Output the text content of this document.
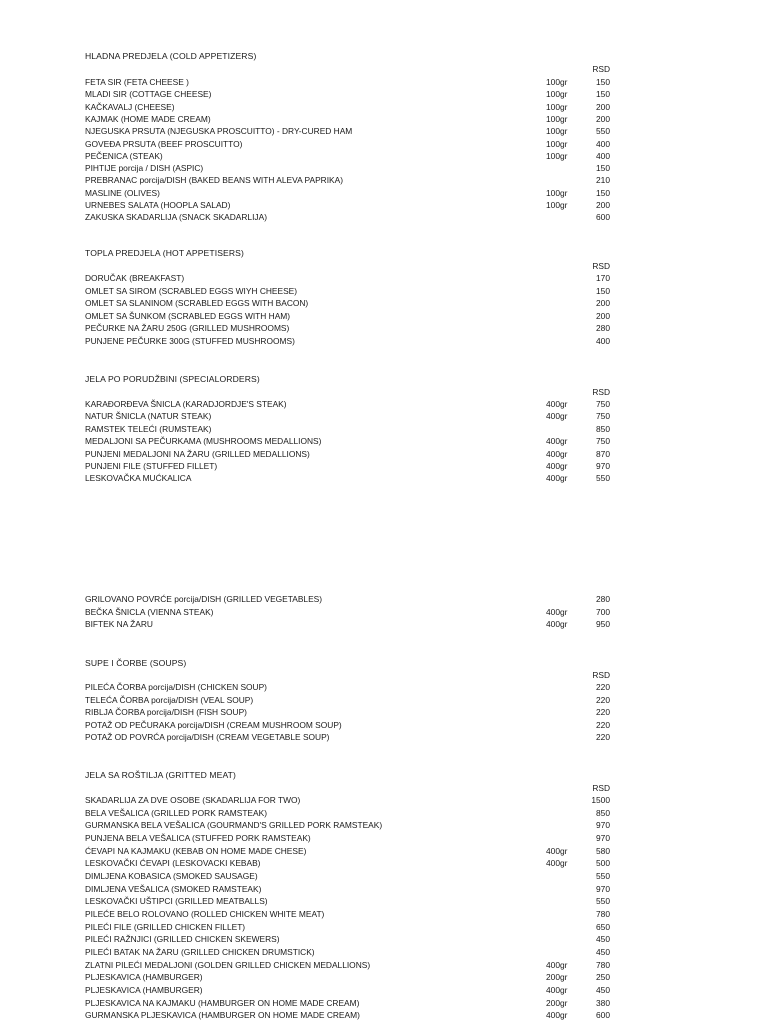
HLADNA PREDJELA (COLD APPETIZERS)
RSD
FETA SIR (FETA CHEESE )	100gr	150
MLADI SIR (COTTAGE CHEESE)	100gr	150
KAČKAVALJ (CHEESE)	100gr	200
KAJMAK (HOME MADE CREAM)	100gr	200
NJEGUSKA PRSUTA (NJEGUSKA PROSCUITTO) - DRY-CURED HAM	100gr	550
GOVEĐA PRSUTA (BEEF PROSCUITTO)	100gr	400
PEČENICA (STEAK)	100gr	400
PIHTIJE porcija / DISH (ASPIC)	150
PREBRANAC porcija/DISH (BAKED BEANS WITH ALEVA PAPRIKA)	210
MASLINE (OLIVES)	100gr	150
URNEBES SALATA (HOOPLA SALAD)	100gr	200
ZAKUSKA SKADARLIJA (SNACK SKADARLIJA)	600
TOPLA PREDJELA (HOT APPETISERS)
RSD
DORUČAK (BREAKFAST)	170
OMLET SA SIROM (SCRABLED EGGS WIYH CHEESE)	150
OMLET SA SLANINOM (SCRABLED EGGS WITH BACON)	200
OMLET SA ŠUNKOM (SCRABLED EGGS WITH HAM)	200
PEČURKE NA ŽARU 250G (GRILLED MUSHROOMS)	280
PUNJENE PEČURKE 300G (STUFFED MUSHROOMS)	400
JELA PO PORUDŽBINI (SPECIALORDERS)
RSD
KARAĐORĐEVA ŠNICLA (KARADJORDJE'S STEAK)	400gr	750
NATUR ŠNICLA (NATUR STEAK)	400gr	750
RAMSTEK TELEĆI (RUMSTEAK)	850
MEDALJONI SA PEČURKAMA (MUSHROOMS MEDALLIONS)	400gr	750
PUNJENI MEDALJONI NA ŽARU (GRILLED MEDALLIONS)	400gr	870
PUNJENI FILE (STUFFED FILLET)	400gr	970
LESKOVAČKA MUĆKALICA	400gr	550
GRILOVANO POVRĆE porcija/DISH (GRILLED VEGETABLES)	280
BEČKA ŠNICLA (VIENNA STEAK)	400gr	700
BIFTEK NA ŽARU	400gr	950
SUPE I ČORBE (SOUPS)
RSD
PILEĆA ČORBA porcija/DISH (CHICKEN SOUP)	220
TELEĆA ČORBA porcija/DISH (VEAL SOUP)	220
RIBLJA ČORBA porcija/DISH (FISH SOUP)	220
POTAŽ OD PEČURAKA porcija/DISH (CREAM MUSHROOM SOUP)	220
POTAŽ OD POVRĆA porcija/DISH (CREAM VEGETABLE SOUP)	220
JELA SA ROŠTILJA (GRITTED MEAT)
RSD
SKADARLIJA ZA DVE OSOBE (SKADARLIJA FOR TWO)	1500
BELA VEŠALICA (GRILLED PORK RAMSTEAK)	850
GURMANSKA BELA VEŠALICA (GOURMAND'S GRILLED PORK RAMSTEAK)	970
PUNJENA BELA VEŠALICA (STUFFED PORK RAMSTEAK)	970
ĆEVAPI NA KAJMAKU (KEBAB ON HOME MADE CHESE)	400gr	580
LESKOVAČKI ĆEVAPI (LESKOVACKI KEBAB)	400gr	500
DIMLJENA KOBASICA (SMOKED SAUSAGE)	550
DIMLJENA VEŠALICA (SMOKED RAMSTEAK)	970
LESKOVAČKI UŠTIPCI (GRILLED MEATBALLS)	550
PILEĆE BELO ROLOVANO (ROLLED CHICKEN WHITE MEAT)	780
PILEĆI FILE (GRILLED CHICKEN FILLET)	650
PILEĆI RAŽNJICI (GRILLED CHICKEN SKEWERS)	450
PILEĆI BATAK NA ŽARU (GRILLED CHICKEN DRUMSTICK)	450
ZLATNI PILEĆI MEDALJONI (GOLDEN GRILLED CHICKEN MEDALLIONS)	400gr	780
PLJESKAVICA (HAMBURGER)	200gr	250
PLJESKAVICA (HAMBURGER)	400gr	450
PLJESKAVICA NA KAJMAKU (HAMBURGER ON HOME MADE CREAM)	200gr	380
GURMANSKA PLJESKAVICA (HAMBURGER ON HOME MADE CREAM)	400gr	600
